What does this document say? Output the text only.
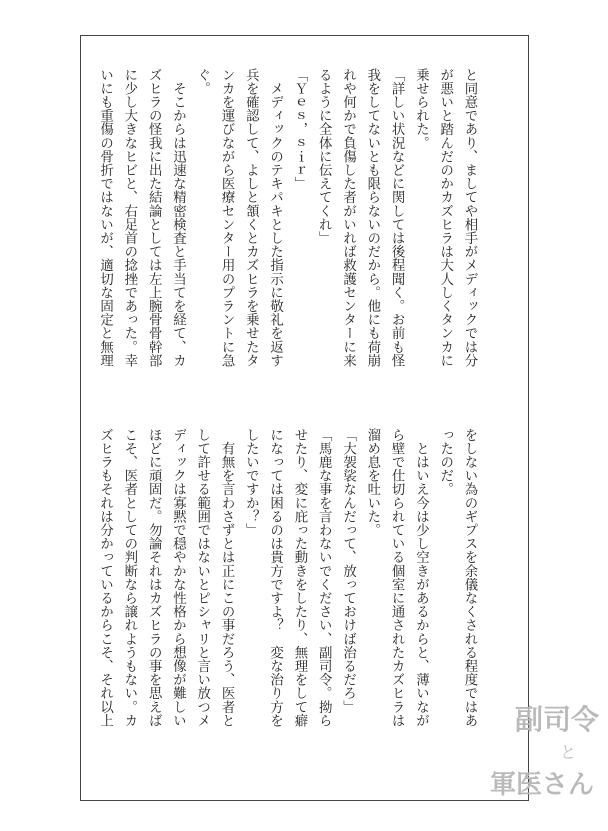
と同意であり、ましてや相手がメディックでは分
が悪いと踏んだのかカズヒラは大人しくタンカに
乗せられた。
「詳しい状況などに関しては後程聞く。お前も怪
我をしてないとも限らないのだから。他にも荷崩
れや何かで負傷した者がいれば救護センターに来
るように全体に伝えてくれ」
「Ｙｅｓ，ｓｉｒ」
　メディックのテキパキとした指示に敬礼を返す
兵を確認して、よしと頷くとカズヒラを乗せたタ
ンカを運びながら医療センター用のプラントに急
ぐ。
　そこからは迅速な精密検査と手当てを経て、カ
ズヒラの怪我に出た結論としては左上腕骨骨幹部
に少し大きなヒビと、右足首の捻挫であった。幸
いにも重傷の骨折ではないが、適切な固定と無理
をしない為のギプスを余儀なくされる程度ではあ
ったのだ。
　とはいえ今は少し空きがあるからと、薄いなが
ら壁で仕切られている個室に通されたカズヒラは
溜め息を吐いた。
「大袈裟なんだって、放っておけば治るだろ」
「馬鹿な事を言わないでください、副司令。拗ら
せたり、変に庇った動きをしたり、無理をして癖
になっては困るのは貴方ですよ？　変な治り方を
したいですか？」
　有無を言わさずとは正にこの事だろう、医者と
して許せる範囲ではないとピシャリと言い放つメ
ディックは寡黙で穏やかな性格から想像が難しい
ほどに頑固だ。勿論それはカズヒラの事を思えば
こそ、医者としての判断なら譲れようもない。カ
ズヒラもそれは分かっているからこそ、それ以上	副司令
と
軍医さん
